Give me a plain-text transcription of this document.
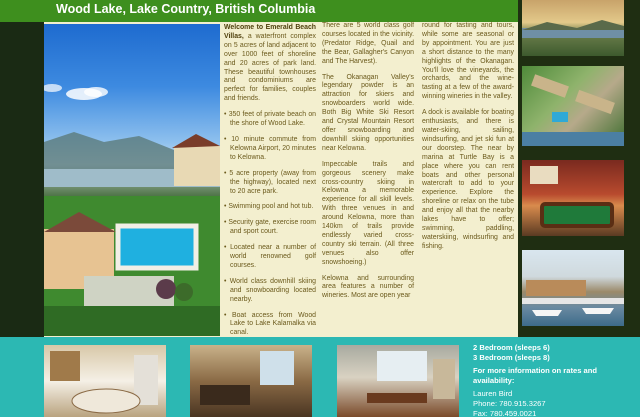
Wood Lake, Lake Country, British Columbia

Welcome to Emerald Beach Villas, a waterfront complex on 5 acres of land adjacent to over 1000 feet of shoreline and 20 acres of park land. These beautiful townhouses and condominiums are perfect for families, couples and friends.

• 350 feet of private beach on the shore of Wood Lake.

• 10 minute commute from Kelowna Airport, 20 minutes to Kelowna.

• 5 acre property (away from the highway), located next to 20 acre park.

• Swimming pool and hot tub.

• Security gate, exercise room and sport court.

• Located near a number of world renowned golf courses.

• World class downhill skiing and snowboarding located nearby.

• Boat access from Wood Lake to Lake Kalamalka via canal.

There are 5 world class golf courses located in the vicinity. (Predator Ridge, Quail and the Bear, Gallagher's Canyon and The Harvest).

The Okanagan Valley's legendary powder is an attraction for skiers and snowboarders world wide. Both Big White Ski Resort and Crystal Mountain Resort offer snowboarding and downhill skiing opportunities near Kelowna.

Impeccable trails and gorgeous scenery make cross-country skiing in Kelowna a memorable experience for all skill levels. With three venues in and around Kelowna, more than 140km of trails provide endlessly varied cross-country ski terrain. (All three venues also offer snowshoeing.)

Kelowna and surrounding area features a number of wineries. Most are open year

round for tasting and tours, while some are seasonal or by appointment. You are just a short distance to the many highlights of the Okanagan. You'll love the vineyards, the orchards, and the wine-tasting at a few of the award-winning wineries in the valley.

A dock is available for boating enthusiasts, and there is water-skiing, sailing, windsurfing, and jet ski fun at our doorstep. The near by marina at Turtle Bay is a place where you can rent boats and other personal watercraft to add to your experience. Explore the shoreline or relax on the tube and enjoy all that the nearby lakes have to offer; swimming, paddling, waterskiing, windsurfing and fishing.

2 Bedroom (sleeps 6)
3 Bedroom (sleeps 8)

For more information on rates and availability:

Lauren Bird
Phone: 780.915.3267
Fax: 780.459.0021
